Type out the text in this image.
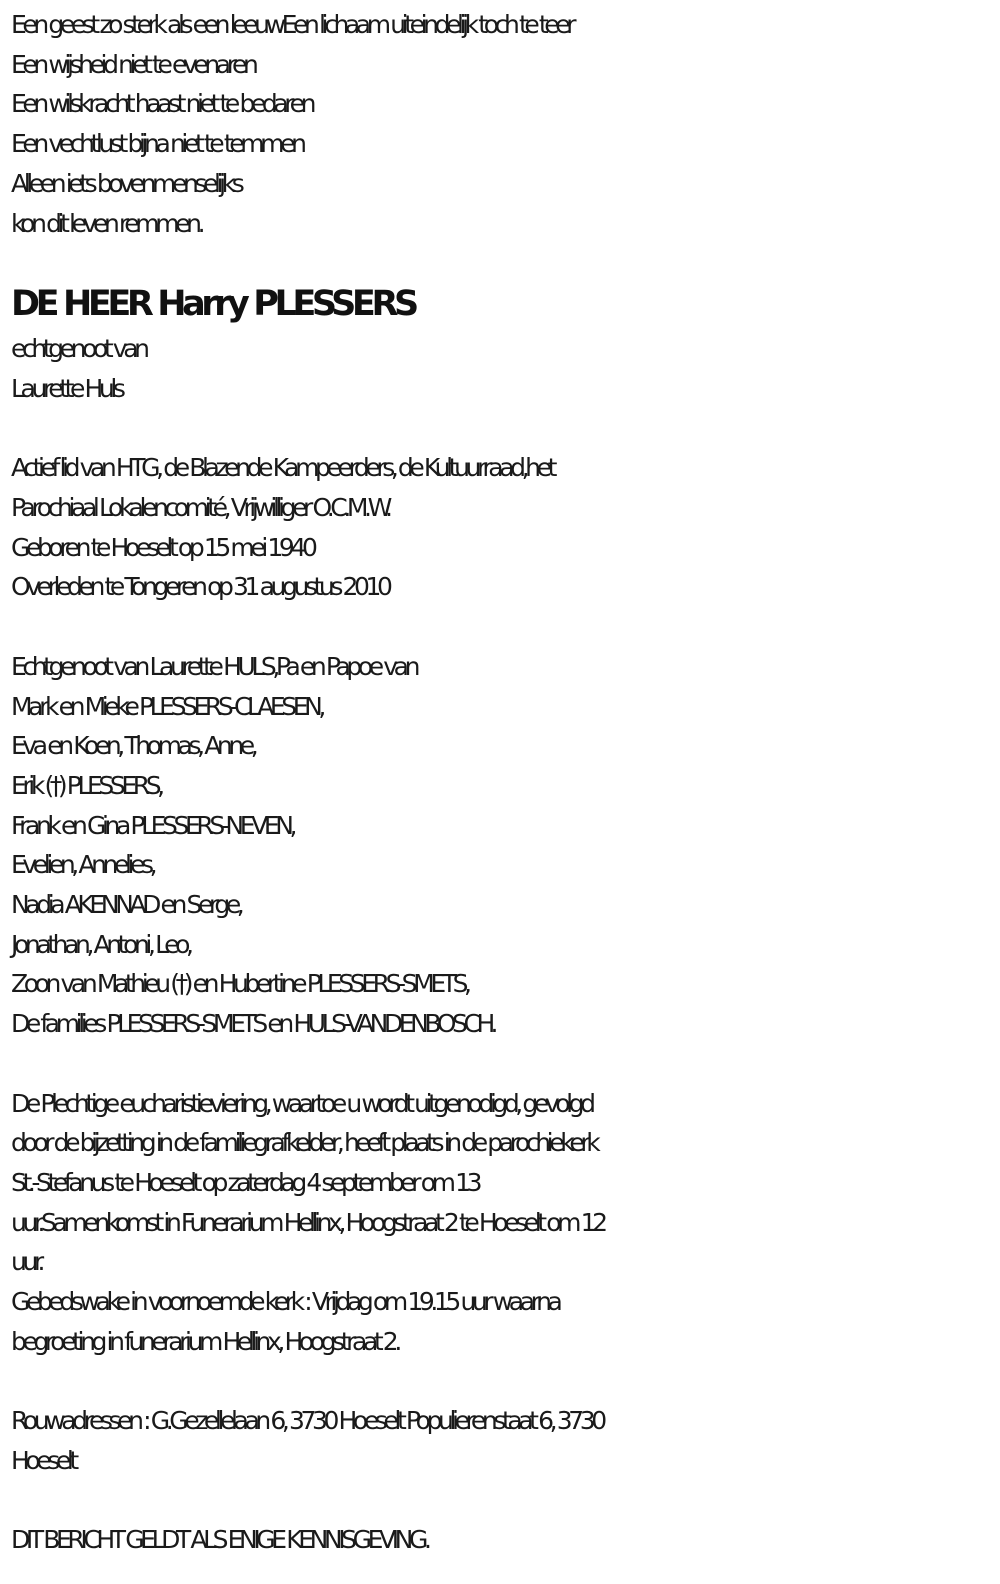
Een geest zo sterk als een leeuwEen lichaam uiteindelijk toch te teer
Een wijsheid niet te evenaren
Een wilskracht haast niet te bedaren
Een vechtlust bijna niet te temmen
Alleen iets bovenmenselijks
kon dit leven remmen.
DE HEER Harry PLESSERS
echtgenoot van
Laurette Huls
Actief lid van HTG, de Blazende Kampeerders, de Kultuurraad,het
Parochiaal Lokalencomité, Vrijwilliger O.C.M.W.
Geboren te Hoeselt op 15 mei 1940
Overleden te Tongeren op 31 augustus 2010
Echtgenoot van Laurette HULS,Pa en Papoe van
Mark en Mieke PLESSERS-CLAESEN,
Eva en Koen, Thomas, Anne,
Erik (†) PLESSERS,
Frank en Gina PLESSERS-NEVEN,
Evelien, Annelies,
Nadia AKENNAD en Serge,
Jonathan, Antoni, Leo,
Zoon van Mathieu (†) en Hubertine PLESSERS-SMETS,
De families PLESSERS-SMETS en HULS-VANDENBOSCH.
De Plechtige eucharistieviering, waartoe u wordt uitgenodigd, gevolgd
door de bijzetting in de familiegrafkelder, heeft plaats in de parochiekerk
St.-Stefanus te Hoeselt op zaterdag 4 september om 13
uur.Samenkomst in Funerarium Hellinx, Hoogstraat 2 te Hoeselt om 12
uur.
Gebedswake in voornoemde kerk : Vrijdag om 19.15 uur waarna
begroeting in funerarium Hellinx, Hoogstraat 2.
Rouwadressen : G.Gezellelaan 6, 3730 Hoeselt Populierenstaat 6, 3730
Hoeselt
DIT BERICHT GELDT ALS ENIGE KENNISGEVING.
